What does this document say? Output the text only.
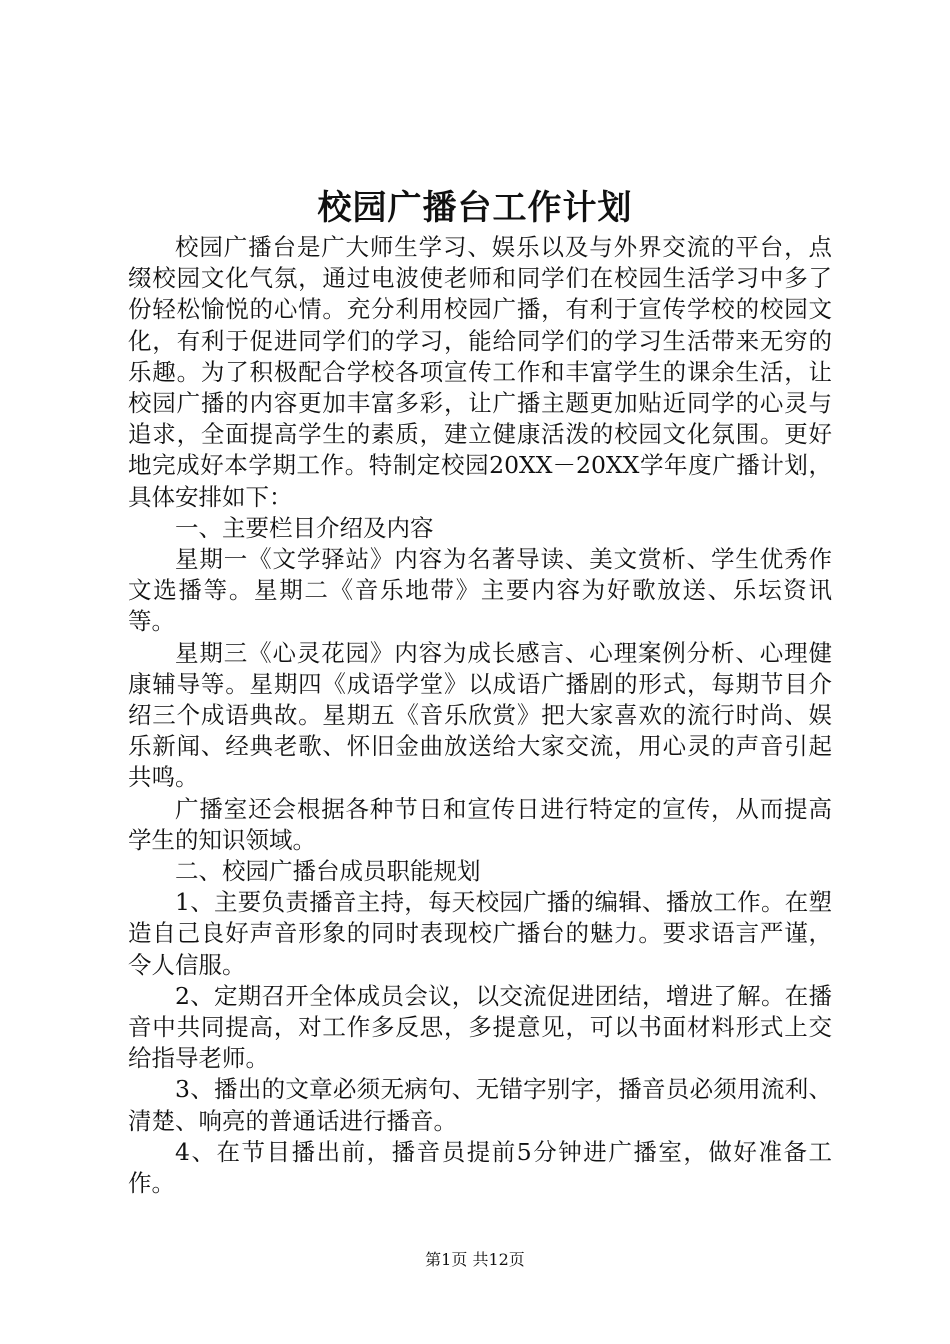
校园广播台工作计划

校园广播台是广大师生学习、娱乐以及与外界交流的平台，点缀校园文化气氛，通过电波使老师和同学们在校园生活学习中多了份轻松愉悦的心情。充分利用校园广播，有利于宣传学校的校园文化，有利于促进同学们的学习，能给同学们的学习生活带来无穷的乐趣。为了积极配合学校各项宣传工作和丰富学生的课余生活，让校园广播的内容更加丰富多彩，让广播主题更加贴近同学的心灵与追求，全面提高学生的素质，建立健康活泼的校园文化氛围。更好地完成好本学期工作。特制定校园20XX－20XX学年度广播计划，具体安排如下：

一、主要栏目介绍及内容

星期一《文学驿站》内容为名著导读、美文赏析、学生优秀作文选播等。星期二《音乐地带》主要内容为好歌放送、乐坛资讯等。

星期三《心灵花园》内容为成长感言、心理案例分析、心理健康辅导等。星期四《成语学堂》以成语广播剧的形式，每期节目介绍三个成语典故。星期五《音乐欣赏》把大家喜欢的流行时尚、娱乐新闻、经典老歌、怀旧金曲放送给大家交流，用心灵的声音引起共鸣。

广播室还会根据各种节日和宣传日进行特定的宣传，从而提高学生的知识领域。

二、校园广播台成员职能规划

1、主要负责播音主持，每天校园广播的编辑、播放工作。在塑造自己良好声音形象的同时表现校广播台的魅力。要求语言严谨，令人信服。

2、定期召开全体成员会议，以交流促进团结，增进了解。在播音中共同提高，对工作多反思，多提意见，可以书面材料形式上交给指导老师。

3、播出的文章必须无病句、无错字别字，播音员必须用流利、清楚、响亮的普通话进行播音。

4、在节目播出前，播音员提前5分钟进广播室，做好准备工作。

第1页 共12页
